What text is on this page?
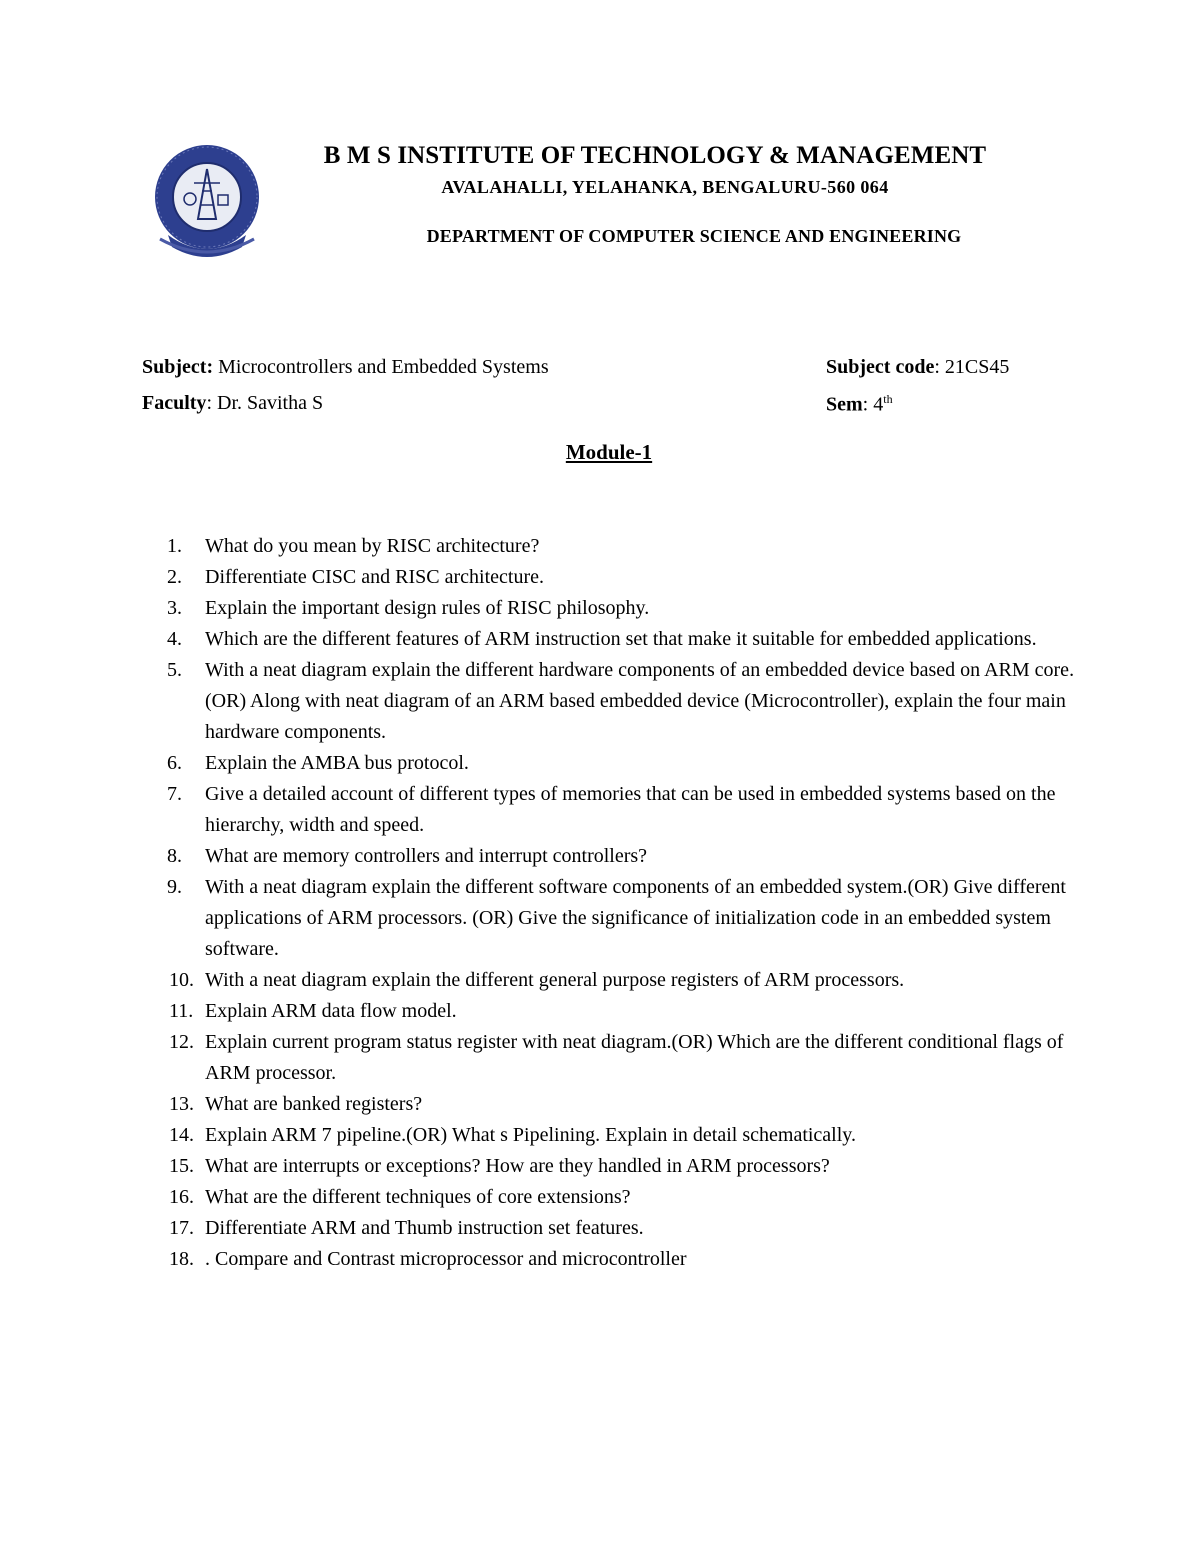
B M S INSTITUTE OF TECHNOLOGY & MANAGEMENT
AVALAHALLI, YELAHANKA, BENGALURU-560 064
DEPARTMENT OF COMPUTER SCIENCE AND ENGINEERING
Subject: Microcontrollers and Embedded Systems
Faculty: Dr. Savitha S
Subject code: 21CS45
Sem: 4th
Module-1
1.	What do you mean by RISC architecture?
2.	Differentiate CISC and RISC architecture.
3.	Explain the important design rules of RISC philosophy.
4.	Which are the different features of ARM instruction set that make it suitable for embedded applications.
5.	With a neat diagram explain the different hardware components of an embedded device based on ARM core.(OR) Along with neat diagram of an ARM based embedded device (Microcontroller), explain the four main hardware components.
6.	Explain the AMBA bus protocol.
7.	Give a detailed account of different types of memories that can be used in embedded systems based on the hierarchy, width and speed.
8.	What are memory controllers and interrupt controllers?
9.	With a neat diagram explain the different software components of an embedded system.(OR) Give different applications of ARM processors. (OR) Give the significance of initialization code in an embedded system software.
10. With a neat diagram explain the different general purpose registers of ARM processors.
11. Explain ARM data flow model.
12. Explain current program status register with neat diagram.(OR) Which are the different conditional flags of ARM processor.
13. What are banked registers?
14. Explain ARM 7 pipeline.(OR) What s Pipelining. Explain in detail schematically.
15. What are interrupts or exceptions? How are they handled in ARM processors?
16. What are the different techniques of core extensions?
17. Differentiate ARM and Thumb instruction set features.
18. . Compare and Contrast microprocessor and microcontroller
